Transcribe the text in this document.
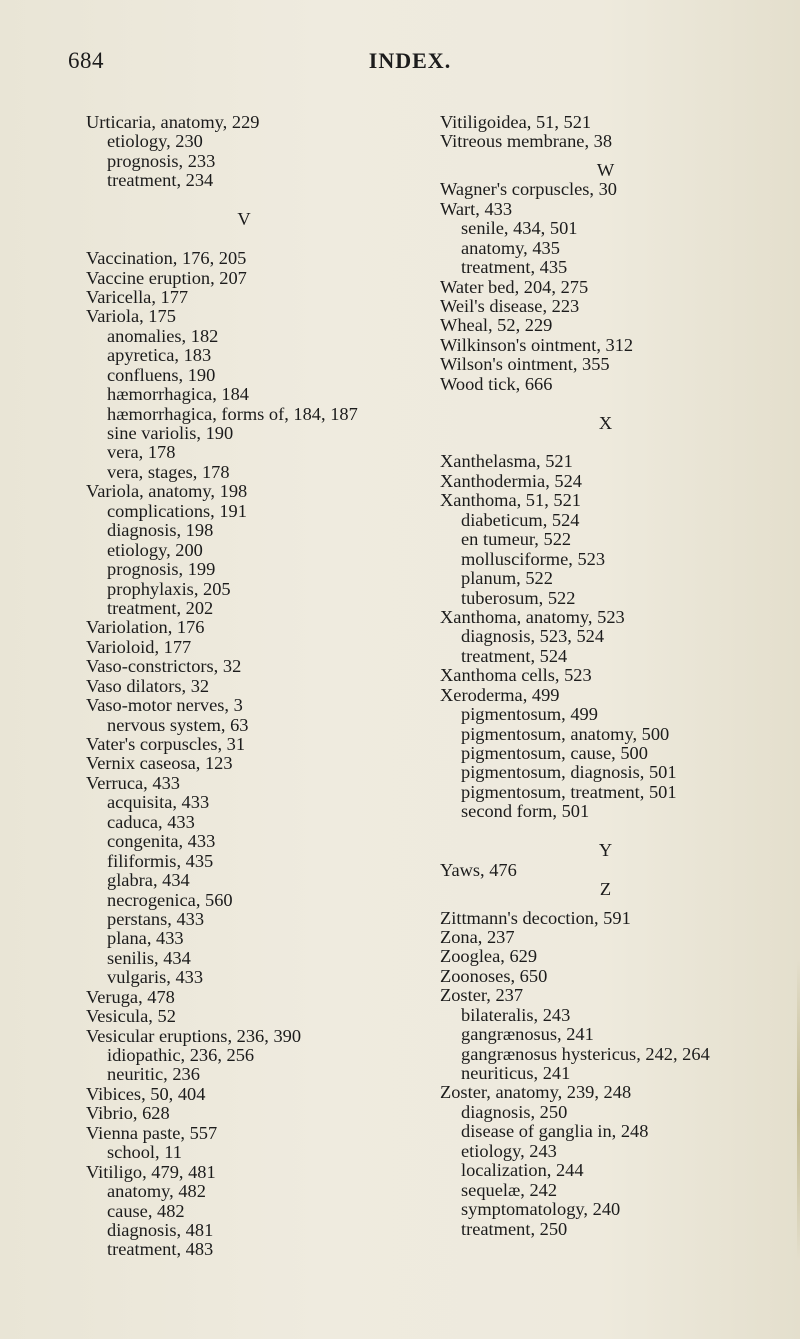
684	INDEX.
Urticaria, anatomy, 229
etiology, 230
prognosis, 233
treatment, 234
V
Vaccination, 176, 205
Vaccine eruption, 207
Varicella, 177
Variola, 175
anomalies, 182
apyretica, 183
confluens, 190
hæmorrhagica, 184
hæmorrhagica, forms of, 184, 187
sine variolis, 190
vera, 178
vera, stages, 178
Variola, anatomy, 198
complications, 191
diagnosis, 198
etiology, 200
prognosis, 199
prophylaxis, 205
treatment, 202
Variolation, 176
Varioloid, 177
Vaso-constrictors, 32
Vaso dilators, 32
Vaso-motor nerves, 3
nervous system, 63
Vater's corpuscles, 31
Vernix caseosa, 123
Verruca, 433
acquisita, 433
caduca, 433
congenita, 433
filiformis, 435
glabra, 434
necrogenica, 560
perstans, 433
plana, 433
senilis, 434
vulgaris, 433
Veruga, 478
Vesicula, 52
Vesicular eruptions, 236, 390
idiopathic, 236, 256
neuritic, 236
Vibices, 50, 404
Vibrio, 628
Vienna paste, 557
school, 11
Vitiligo, 479, 481
anatomy, 482
cause, 482
diagnosis, 481
treatment, 483
Vitiligoidea, 51, 521
Vitreous membrane, 38
W
Wagner's corpuscles, 30
Wart, 433
senile, 434, 501
anatomy, 435
treatment, 435
Water bed, 204, 275
Weil's disease, 223
Wheal, 52, 229
Wilkinson's ointment, 312
Wilson's ointment, 355
Wood tick, 666
X
Xanthelasma, 521
Xanthodermia, 524
Xanthoma, 51, 521
diabeticum, 524
en tumeur, 522
mollusciforme, 523
planum, 522
tuberosum, 522
Xanthoma, anatomy, 523
diagnosis, 523, 524
treatment, 524
Xanthoma cells, 523
Xeroderma, 499
pigmentosum, 499
pigmentosum, anatomy, 500
pigmentosum, cause, 500
pigmentosum, diagnosis, 501
pigmentosum, treatment, 501
second form, 501
Y
Yaws, 476
Z
Zittmann's decoction, 591
Zona, 237
Zooglea, 629
Zoonoses, 650
Zoster, 237
bilateralis, 243
gangrænosus, 241
gangrænosus hystericus, 242, 264
neuriticus, 241
Zoster, anatomy, 239, 248
diagnosis, 250
disease of ganglia in, 248
etiology, 243
localization, 244
sequelæ, 242
symptomatology, 240
treatment, 250
